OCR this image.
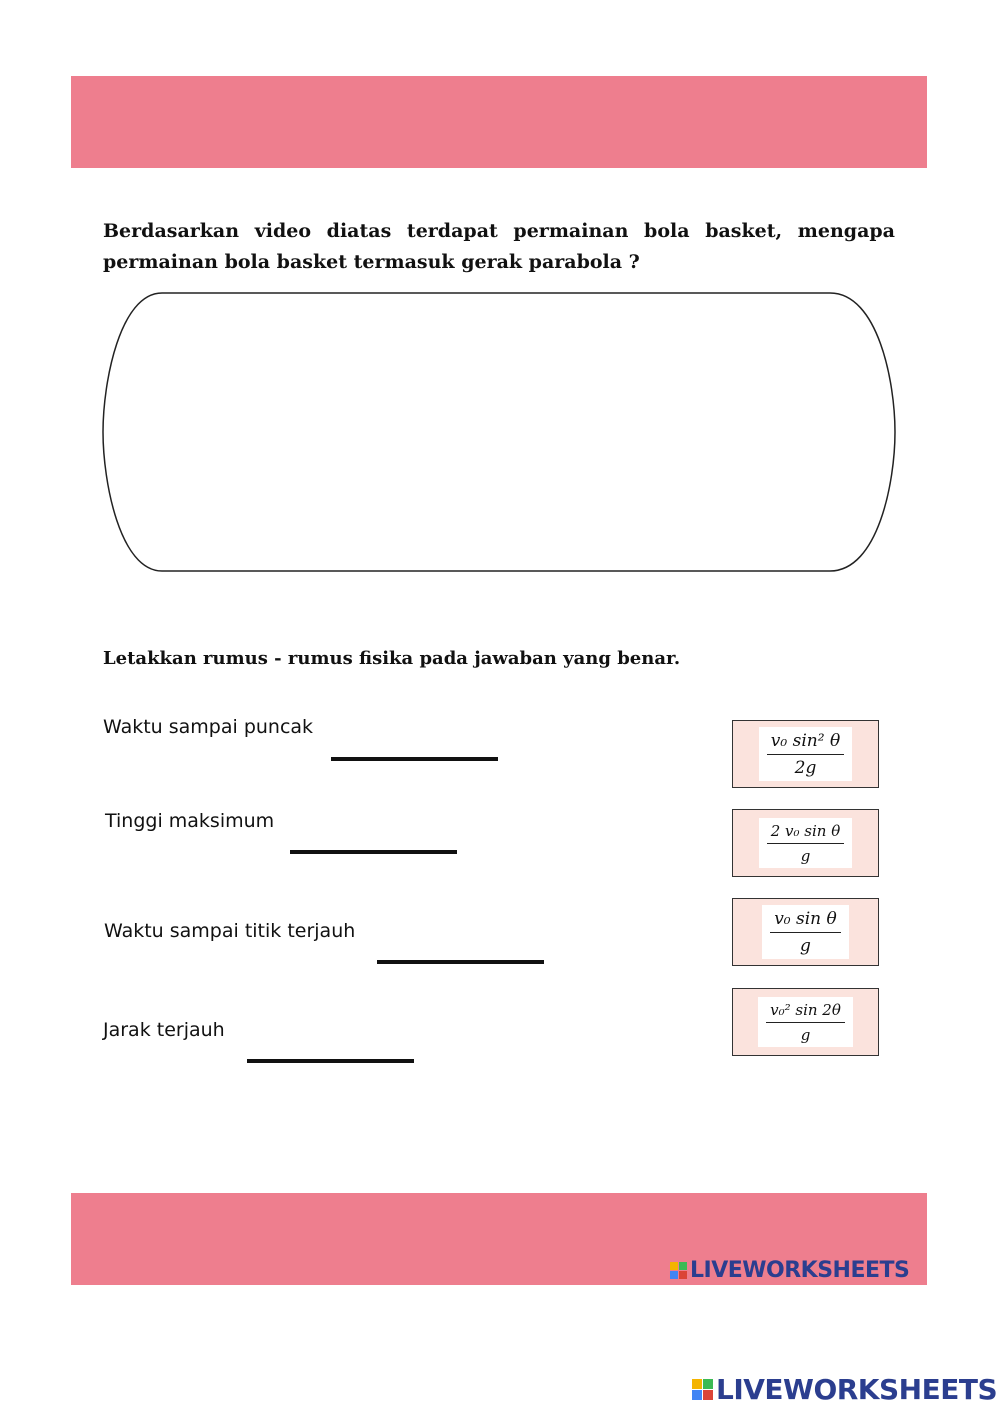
Berdasarkan video diatas terdapat permainan bola basket, mengapa permainan bola basket termasuk gerak parabola ?

Letakkan rumus - rumus fisika pada jawaban yang benar.

Waktu sampai puncak
Tinggi maksimum
Waktu sampai titik terjauh
Jarak terjauh
$\frac{\text{v₀ sin² θ}}{2g}$
$\frac{\text{2 v₀ sin θ}}{g}$
$\frac{\text{v₀ sin θ}}{g}$
$\frac{\text{v₀² sin 2θ}}{g}$
LIVEWORKSHEETS
LIVEWORKSHEETS
